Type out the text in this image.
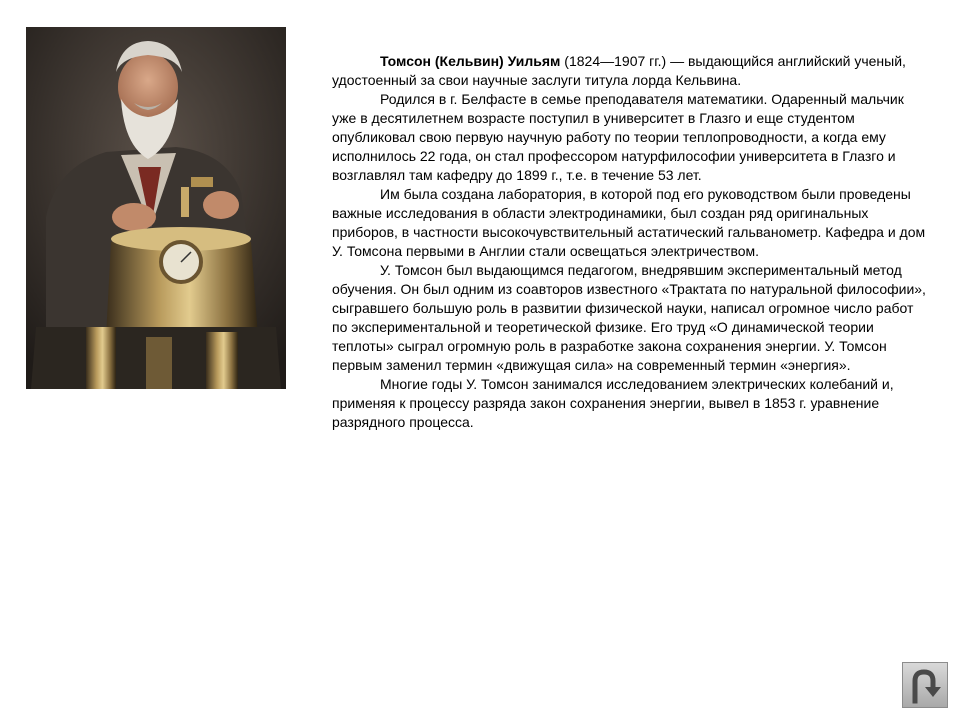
Томсон (Кельвин) Уильям (1824—1907 гг.) — выдающийся английский ученый, удостоенный за свои научные заслуги титула лорда Кельвина.

Родился в г. Белфасте в семье преподавателя математики. Одаренный мальчик уже в десятилетнем возрасте поступил в университет в Глазго и еще студентом опубликовал свою первую научную работу по теории теплопроводности, а когда ему исполнилось 22 года, он стал профессором натурфилософии университета в Глазго и возглавлял там кафедру до 1899 г., т.е. в течение 53 лет.

Им была создана лаборатория, в которой под его руководством были проведены важные исследования в области электродинамики, был создан ряд оригинальных приборов, в частности высокочувствительный астатический гальванометр. Кафедра и дом У. Томсона первыми в Англии стали освещаться электричеством.

У. Томсон был выдающимся педагогом, внедрявшим экспериментальный метод обучения. Он был одним из соавторов известного «Трактата по натуральной философии», сыгравшего большую роль в развитии физической науки, написал огромное число работ по экспериментальной и теоретической физике. Его труд «О динамической теории теплоты» сыграл огромную роль в разработке закона сохранения энергии. У. Томсон первым заменил термин «движущая сила» на современный термин «энергия».

Многие годы У. Томсон занимался исследованием электрических колебаний и, применяя к процессу разряда закон сохранения энергии, вывел в 1853 г. уравнение разрядного процесса.
